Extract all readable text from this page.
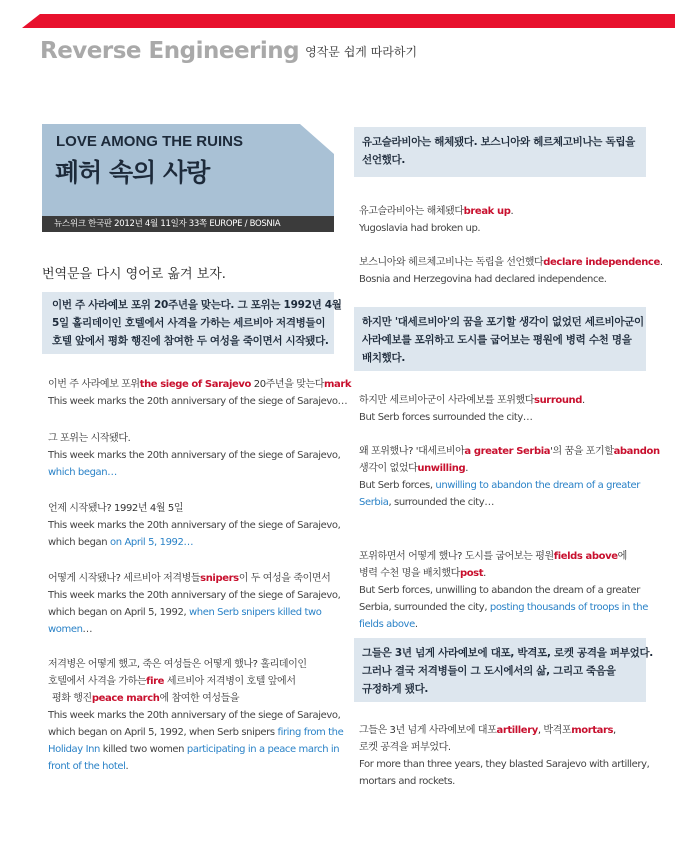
Reverse Engineering 영작문 쉽게 따라하기
LOVE AMONG THE RUINS
폐허 속의 사랑
뉴스위크 한국판 2012년 4월 11일자 33쪽 EUROPE / BOSNIA
번역문을 다시 영어로 옮겨 보자.
이번 주 사라예보 포위 20주년을 맞는다. 그 포위는 1992년 4월
5일 홀리데이인 호텔에서 사격을 가하는 세르비아 저격병들이
호텔 앞에서 평화 행진에 참여한 두 여성을 죽이면서 시작됐다.
이번 주 사라예보 포위the siege of Sarajevo 20주년을 맞는다mark
This week marks the 20th anniversary of the siege of Sarajevo…
그 포위는 시작됐다.
This week marks the 20th anniversary of the siege of Sarajevo,
which began…
언제 시작됐나? 1992년 4월 5일
This week marks the 20th anniversary of the siege of Sarajevo,
which began on April 5, 1992…
어떻게 시작됐나? 세르비아 저격병들snipers이 두 여성을 죽이면서
This week marks the 20th anniversary of the siege of Sarajevo,
which began on April 5, 1992, when Serb snipers killed two
women…
저격병은 어떻게 했고, 죽은 여성들은 어떻게 했나? 홀리데이인
호텔에서 사격을 가하는fire 세르비아 저격병이 호텔 앞에서
평화 행진peace march에 참여한 여성들을
This week marks the 20th anniversary of the siege of Sarajevo,
which began on April 5, 1992, when Serb snipers firing from the
Holiday Inn killed two women participating in a peace march in
front of the hotel.
유고슬라비아는 해체됐다. 보스니아와 헤르체고비나는 독립을
선언했다.
유고슬라비아는 해체됐다break up.
Yugoslavia had broken up.
보스니아와 헤르체고비나는 독립을 선언했다declare independence.
Bosnia and Herzegovina had declared independence.
하지만 '대세르비아'의 꿈을 포기할 생각이 없었던 세르비아군이
사라예보를 포위하고 도시를 굽어보는 평원에 병력 수천 명을
배치했다.
하지만 세르비아군이 사라예보를 포위했다surround.
But Serb forces surrounded the city…
왜 포위했나? '대세르비아a greater Serbia'의 꿈을 포기할abandon
생각이 없었다unwilling.
But Serb forces, unwilling to abandon the dream of a greater
Serbia, surrounded the city…
포위하면서 어떻게 했나? 도시를 굽어보는 평원fields above에
병력 수천 명을 배치했다post.
But Serb forces, unwilling to abandon the dream of a greater
Serbia, surrounded the city, posting thousands of troops in the
fields above.
그들은 3년 넘게 사라예보에 대포, 박격포, 로켓 공격을 퍼부었다.
그러나 결국 저격병들이 그 도시에서의 삶, 그리고 죽음을
규정하게 됐다.
그들은 3년 넘게 사라예보에 대포artillery, 박격포mortars,
로켓 공격을 퍼부었다.
For more than three years, they blasted Sarajevo with artillery,
mortars and rockets.
